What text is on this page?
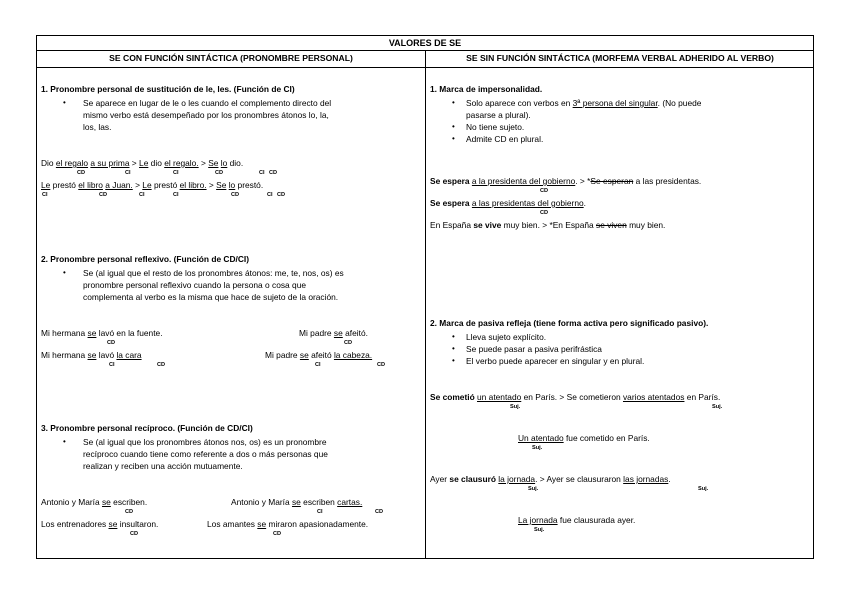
VALORES DE SE
SE CON FUNCIÓN SINTÁCTICA (PRONOMBRE PERSONAL)
1. Pronombre personal de sustitución de le, les. (Función de CI)
• Se aparece en lugar de le o les cuando el complemento directo del
mismo verbo está desempeñado por los pronombres átonos lo, la,
los, las.
Dio el regalo a su prima > Le dio el regalo. > Se lo dio.
CD	CI	CI	CD	CI CD
Le prestó el libro a Juan. > Le prestó el libro. > Se lo prestó.
CI	CD	CI	CI	CD	CI CD
2. Pronombre personal reflexivo. (Función de CD/CI)
• Se (al igual que el resto de los pronombres átonos: me, te, nos, os) es
pronombre personal reflexivo cuando la persona o cosa que
complementa al verbo es la misma que hace de sujeto de la oración.
Mi hermana se lavó en la fuente.	Mi padre se afeitó.
CD	CD
Mi hermana se lavó la cara	Mi padre se afeitó la cabeza.
CI	CD	CI	CD
3. Pronombre personal recíproco. (Función de CD/CI)
• Se (al igual que los pronombres átonos nos, os) es un pronombre
recíproco cuando tiene como referente a dos o más personas que
realizan y reciben una acción mutuamente.
Antonio y María se escriben.	Antonio y María se escriben cartas.
CD	CI	CD
Los entrenadores se insultaron.	Los amantes se miraron apasionadamente.
CD	CD
SE SIN FUNCIÓN SINTÁCTICA (MORFEMA VERBAL ADHERIDO AL VERBO)
1. Marca de impersonalidad.
• Solo aparece con verbos en 3ª persona del singular. (No puede
pasarse a plural).
• No tiene sujeto.
• Admite CD en plural.
Se espera a la presidenta del gobierno. > *Se esperan a las presidentas.
CD
Se espera a las presidentas del gobierno.
CD
En España se vive muy bien. > *En España se viven muy bien.
2. Marca de pasiva refleja (tiene forma activa pero significado pasivo).
• Lleva sujeto explícito.
• Se puede pasar a pasiva perifrástica
• El verbo puede aparecer en singular y en plural.
Se cometió un atentado en París. > Se cometieron varios atentados en París.
Suj.	Suj.
Un atentado fue cometido en París.
Suj.
Ayer se clausuró la jornada. > Ayer se clausuraron las jornadas.
Suj.	Suj.
La jornada fue clausurada ayer.
Suj.
